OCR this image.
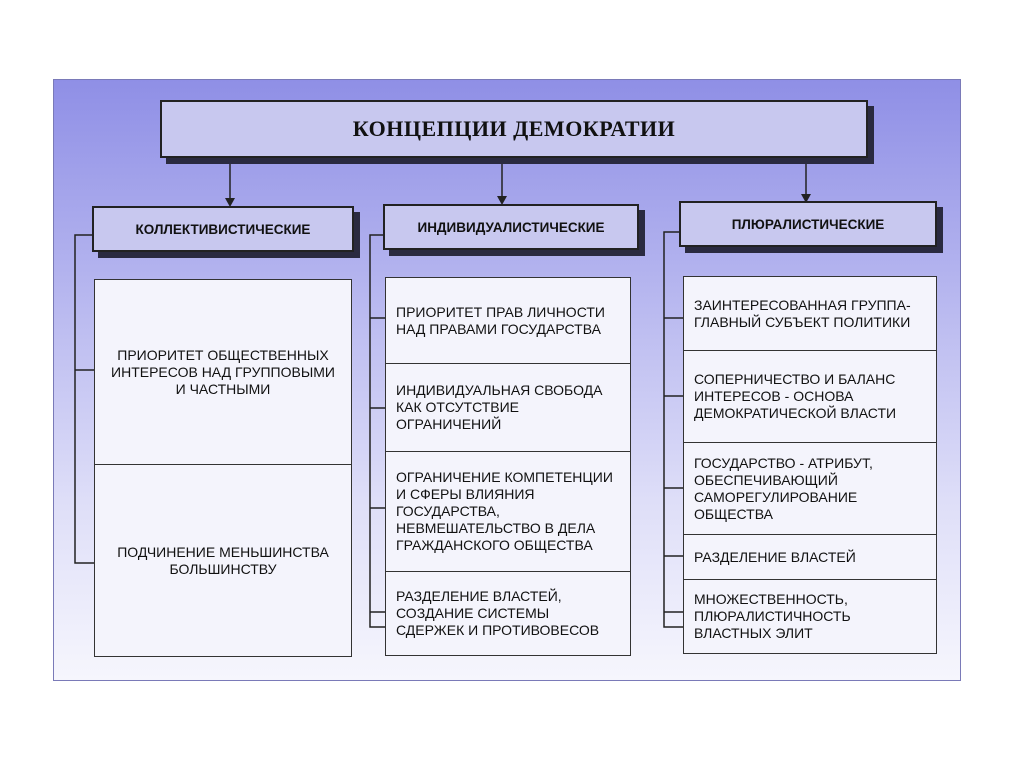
КОНЦЕПЦИИ ДЕМОКРАТИИ
КОЛЛЕКТИВИСТИЧЕСКИЕ	ИНДИВИДУАЛИСТИЧЕСКИЕ	ПЛЮРАЛИСТИЧЕСКИЕ
ПРИОРИТЕТ ОБЩЕСТВЕННЫХ ИНТЕРЕСОВ НАД ГРУППОВЫМИ И ЧАСТНЫМИ
ПОДЧИНЕНИЕ МЕНЬШИНСТВА БОЛЬШИНСТВУ
ПРИОРИТЕТ ПРАВ ЛИЧНОСТИ НАД ПРАВАМИ ГОСУДАРСТВА
ИНДИВИДУАЛЬНАЯ СВОБОДА КАК ОТСУТСТВИЕ ОГРАНИЧЕНИЙ
ОГРАНИЧЕНИЕ КОМПЕТЕНЦИИ И СФЕРЫ ВЛИЯНИЯ ГОСУДАРСТВА, НЕВМЕШАТЕЛЬСТВО В ДЕЛА ГРАЖДАНСКОГО ОБЩЕСТВА
РАЗДЕЛЕНИЕ ВЛАСТЕЙ, СОЗДАНИЕ СИСТЕМЫ СДЕРЖЕК И ПРОТИВОВЕСОВ
ЗАИНТЕРЕСОВАННАЯ ГРУППА-ГЛАВНЫЙ СУБЪЕКТ ПОЛИТИКИ
СОПЕРНИЧЕСТВО И БАЛАНС ИНТЕРЕСОВ - ОСНОВА ДЕМОКРАТИЧЕСКОЙ ВЛАСТИ
ГОСУДАРСТВО - АТРИБУТ, ОБЕСПЕЧИВАЮЩИЙ САМОРЕГУЛИРОВАНИЕ ОБЩЕСТВА
РАЗДЕЛЕНИЕ ВЛАСТЕЙ
МНОЖЕСТВЕННОСТЬ, ПЛЮРАЛИСТИЧНОСТЬ ВЛАСТНЫХ ЭЛИТ
